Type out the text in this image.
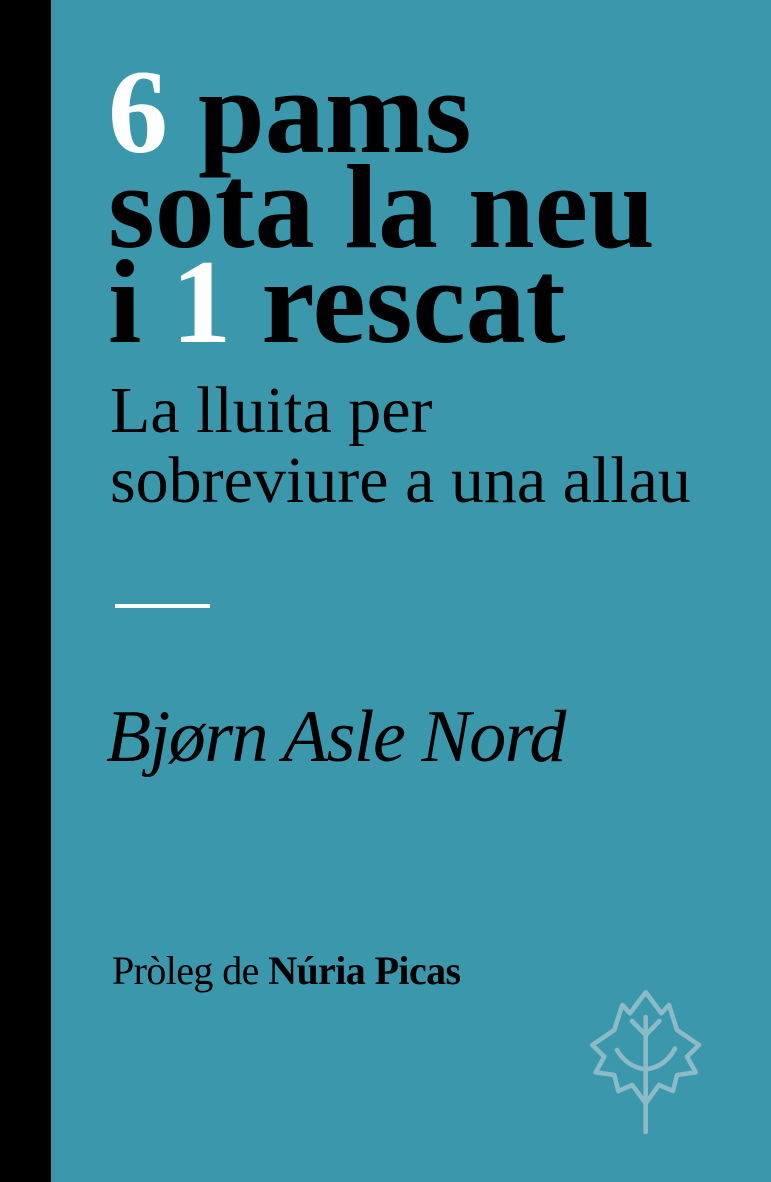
6 pams
sota la neu
i 1 rescat
La lluita per
sobreviure a una allau
Bjørn Asle Nord
Pròleg de Núria Picas
